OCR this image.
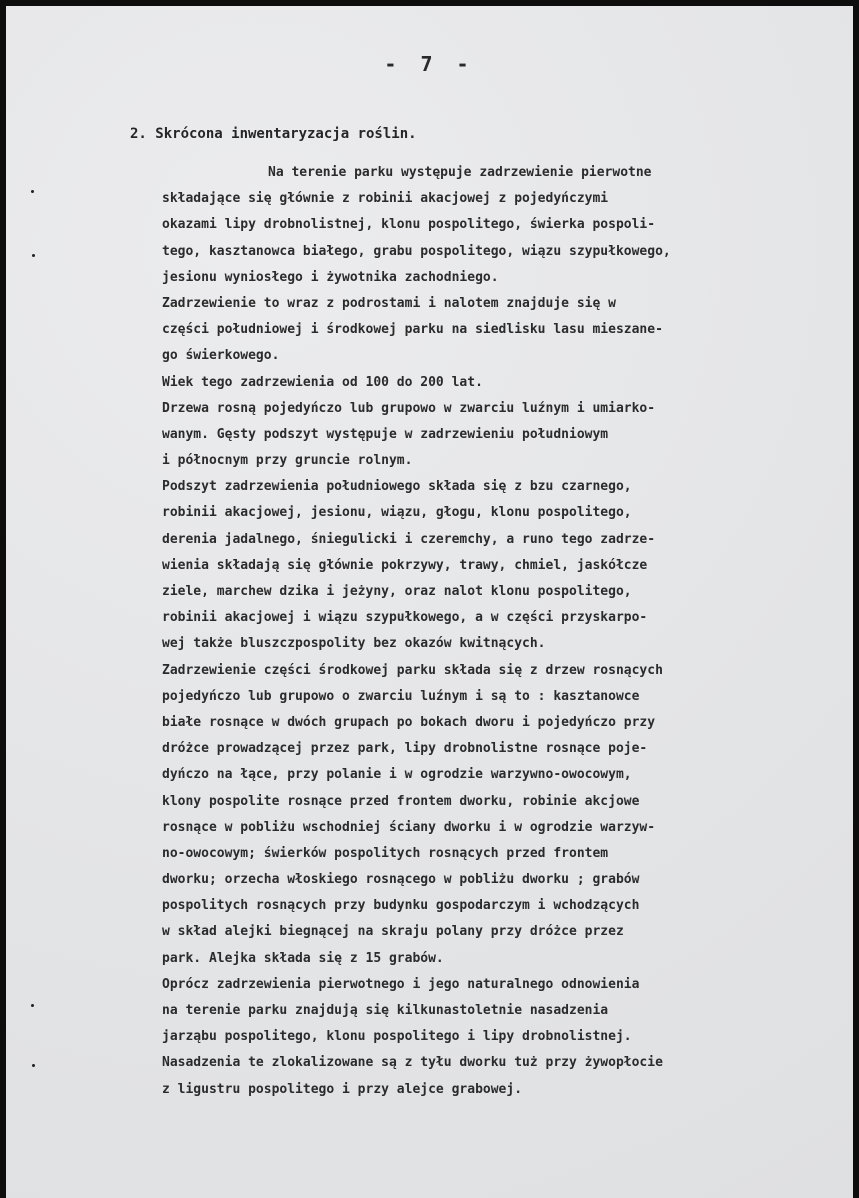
- 7 -
2. Skrócona inwentaryzacja roślin.
Na terenie parku występuje zadrzewienie pierwotne
składające się głównie z robinii akacjowej z pojedyńczymi
okazami lipy drobnolistnej, klonu pospolitego, świerka pospoli-
tego, kasztanowca białego, grabu pospolitego, wiązu szypułkowego,
jesionu wyniosłego i żywotnika zachodniego.
Zadrzewienie to wraz z podrostami i nalotem znajduje się w
części południowej i środkowej parku na siedlisku lasu mieszane-
go świerkowego.
Wiek tego zadrzewienia od 100 do 200 lat.
Drzewa rosną pojedyńczo lub grupowo w zwarciu luźnym i umiarko-
wanym. Gęsty podszyt występuje w zadrzewieniu południowym
i północnym przy gruncie rolnym.
Podszyt zadrzewienia południowego składa się z bzu czarnego,
robinii akacjowej, jesionu, wiązu, głogu, klonu pospolitego,
derenia jadalnego, śniegulicki i czeremchy, a runo tego zadrze-
wienia składają się głównie pokrzywy, trawy, chmiel, jaskółcze
ziele, marchew dzika i jeżyny, oraz nalot klonu pospolitego,
robinii akacjowej i wiązu szypułkowego, a w części przyskarpo-
wej także bluszczpospolity bez okazów kwitnących.
Zadrzewienie części środkowej parku składa się z drzew rosnących
pojedyńczo lub grupowo o zwarciu luźnym i są to : kasztanowce
białe rosnące w dwóch grupach po bokach dworu i pojedyńczo przy
dróżce prowadzącej przez park, lipy drobnolistne rosnące poje-
dyńczo na łące, przy polanie i w ogrodzie warzywno-owocowym,
klony pospolite rosnące przed frontem dworku, robinie akcjowe
rosnące w pobliżu wschodniej ściany dworku i w ogrodzie warzyw-
no-owocowym; świerków pospolitych rosnących przed frontem
dworku; orzecha włoskiego rosnącego w pobliżu dworku ; grabów
pospolitych rosnących przy budynku gospodarczym i wchodzących
w skład alejki biegnącej na skraju polany przy dróżce przez
park. Alejka składa się z 15 grabów.
Oprócz zadrzewienia pierwotnego i jego naturalnego odnowienia
na terenie parku znajdują się kilkunastoletnie nasadzenia
jarząbu pospolitego, klonu pospolitego i lipy drobnolistnej.
Nasadzenia te zlokalizowane są z tyłu dworku tuż przy żywopłocie
z ligustru pospolitego i przy alejce grabowej.
